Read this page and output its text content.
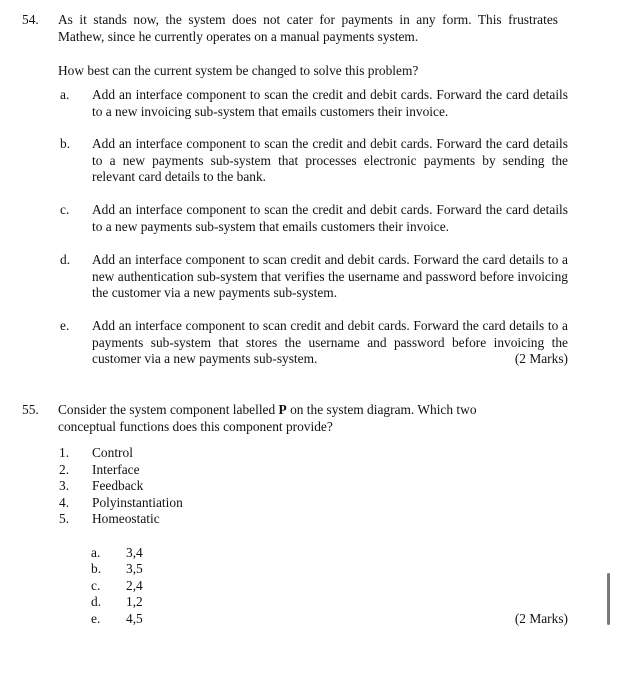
54. As it stands now, the system does not cater for payments in any form. This frustrates Mathew, since he currently operates on a manual payments system.
How best can the current system be changed to solve this problem?
a. Add an interface component to scan the credit and debit cards. Forward the card details to a new invoicing sub-system that emails customers their invoice.
b. Add an interface component to scan the credit and debit cards. Forward the card details to a new payments sub-system that processes electronic payments by sending the relevant card details to the bank.
c. Add an interface component to scan the credit and debit cards. Forward the card details to a new payments sub-system that emails customers their invoice.
d. Add an interface component to scan credit and debit cards. Forward the card details to a new authentication sub-system that verifies the username and password before invoicing the customer via a new payments sub-system.
e. Add an interface component to scan credit and debit cards. Forward the card details to a payments sub-system that stores the username and password before invoicing the customer via a new payments sub-system.	(2 Marks)
55. Consider the system component labelled P on the system diagram. Which two conceptual functions does this component provide?
1. Control
2. Interface
3. Feedback
4. Polyinstantiation
5. Homeostatic
a. 3,4
b. 3,5
c. 2,4
d. 1,2
e. 4,5	(2 Marks)
